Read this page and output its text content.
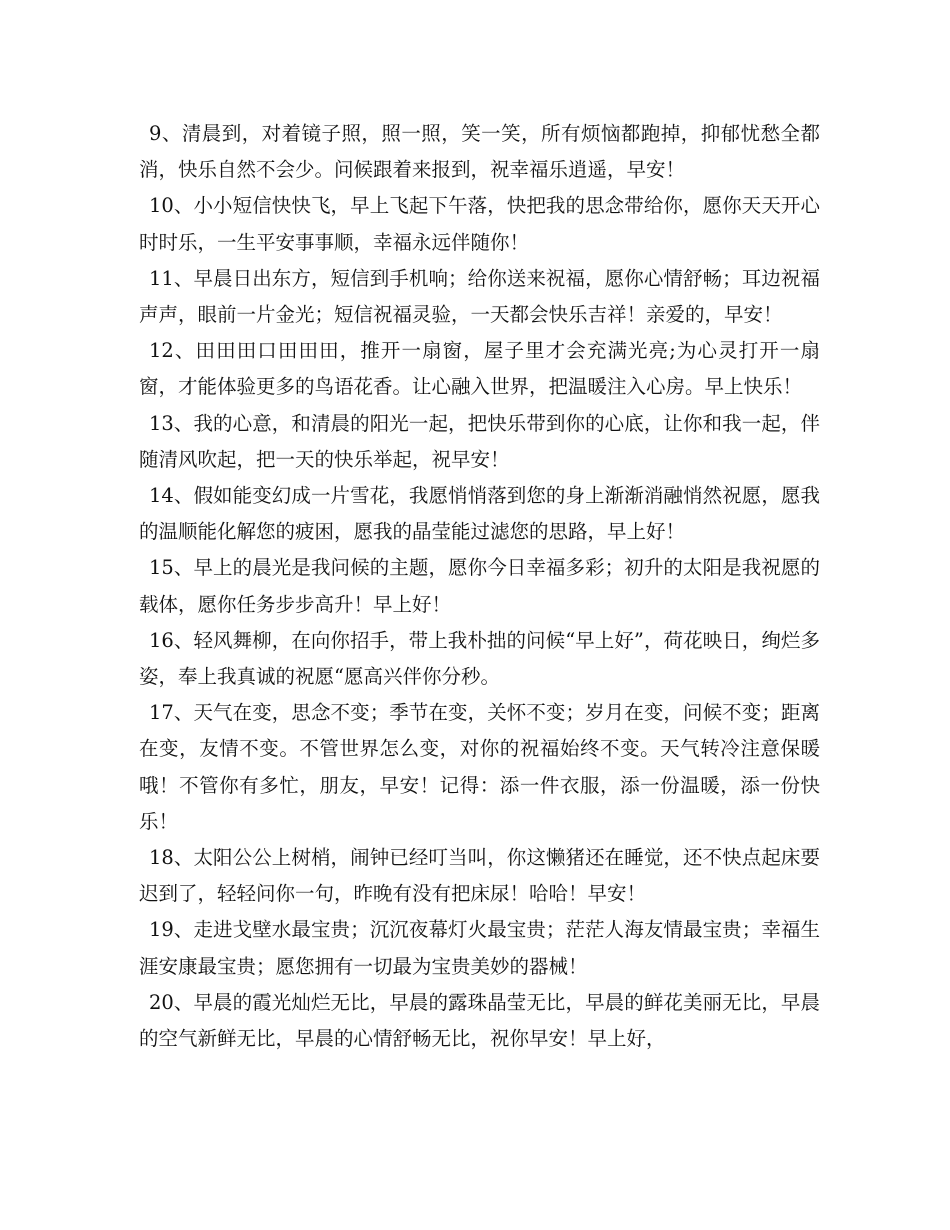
9、清晨到，对着镜子照，照一照，笑一笑，所有烦恼都跑掉，抑郁忧愁全都消，快乐自然不会少。问候跟着来报到，祝幸福乐逍遥，早安！

10、小小短信快快飞，早上飞起下午落，快把我的思念带给你，愿你天天开心时时乐，一生平安事事顺，幸福永远伴随你！

11、早晨日出东方，短信到手机响；给你送来祝福，愿你心情舒畅；耳边祝福声声，眼前一片金光；短信祝福灵验，一天都会快乐吉祥！亲爱的，早安！

12、田田田口田田田，推开一扇窗，屋子里才会充满光亮;为心灵打开一扇窗，才能体验更多的鸟语花香。让心融入世界，把温暖注入心房。早上快乐！

13、我的心意，和清晨的阳光一起，把快乐带到你的心底，让你和我一起，伴随清风吹起，把一天的快乐举起，祝早安！

14、假如能变幻成一片雪花，我愿悄悄落到您的身上渐渐消融悄然祝愿，愿我的温顺能化解您的疲困，愿我的晶莹能过滤您的思路，早上好！

15、早上的晨光是我问候的主题，愿你今日幸福多彩；初升的太阳是我祝愿的载体，愿你任务步步高升！早上好！

16、轻风舞柳，在向你招手，带上我朴拙的问候“早上好”，荷花映日，绚烂多姿，奉上我真诚的祝愿“愿高兴伴你分秒。

17、天气在变，思念不变；季节在变，关怀不变；岁月在变，问候不变；距离在变，友情不变。不管世界怎么变，对你的祝福始终不变。天气转冷注意保暖哦！不管你有多忙，朋友，早安！记得：添一件衣服，添一份温暖，添一份快乐！

18、太阳公公上树梢，闹钟已经叮当叫，你这懒猪还在睡觉，还不快点起床要迟到了，轻轻问你一句，昨晚有没有把床尿！哈哈！早安！

19、走进戈壁水最宝贵；沉沉夜幕灯火最宝贵；茫茫人海友情最宝贵；幸福生涯安康最宝贵；愿您拥有一切最为宝贵美妙的器械！

20、早晨的霞光灿烂无比，早晨的露珠晶莹无比，早晨的鲜花美丽无比，早晨的空气新鲜无比，早晨的心情舒畅无比，祝你早安！早上好，
